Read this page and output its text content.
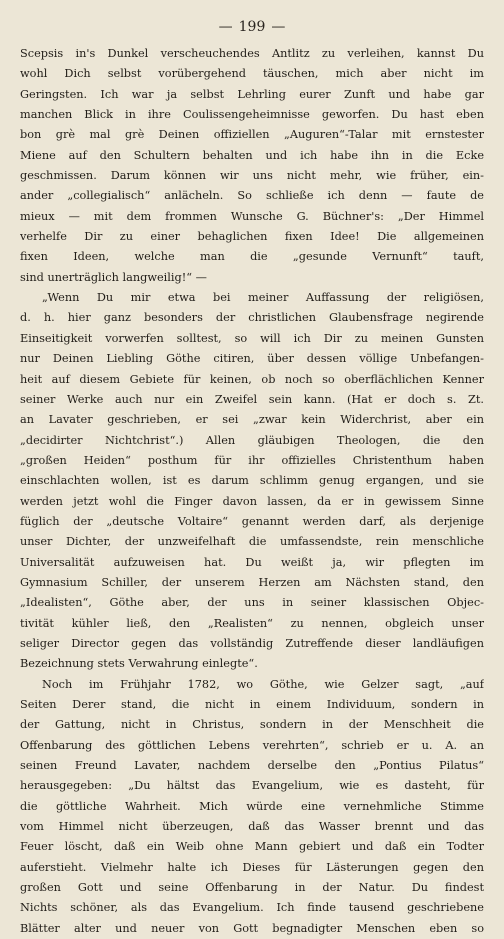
— 199 —
Scepsis in's Dunkel verscheuchendes Antlitz zu verleihen, kannst Du
wohl Dich selbst vorübergehend täuschen, mich aber nicht im
Geringsten. Ich war ja selbst Lehrling eurer Zunft und habe gar
manchen Blick in ihre Coulissengeheimnisse geworfen. Du hast eben
bon grè mal grè Deinen offiziellen „Auguren“-Talar mit ernstester
Miene auf den Schultern behalten und ich habe ihn in die Ecke
geschmissen. Darum können wir uns nicht mehr, wie früher, ein-
ander „collegialisch“ anlächeln. So schließe ich denn — faute de
mieux — mit dem frommen Wunsche G. Büchner's: „Der Himmel
verhelfe Dir zu einer behaglichen fixen Idee! Die allgemeinen
fixen Ideen, welche man die „gesunde Vernunft“ tauft,
sind unerträglich langweilig!“ —
„Wenn Du mir etwa bei meiner Auffassung der religiösen,
d. h. hier ganz besonders der christlichen Glaubensfrage negirende
Einseitigkeit vorwerfen solltest, so will ich Dir zu meinen Gunsten
nur Deinen Liebling Göthe citiren, über dessen völlige Unbefangen-
heit auf diesem Gebiete für keinen, ob noch so oberflächlichen Kenner
seiner Werke auch nur ein Zweifel sein kann. (Hat er doch s. Zt.
an Lavater geschrieben, er sei „zwar kein Widerchrist, aber ein
„decidirter Nichtchrist“.) Allen gläubigen Theologen, die den
„großen Heiden“ posthum für ihr offizielles Christenthum haben
einschlachten wollen, ist es darum schlimm genug ergangen, und sie
werden jetzt wohl die Finger davon lassen, da er in gewissem Sinne
füglich der „deutsche Voltaire“ genannt werden darf, als derjenige
unser Dichter, der unzweifelhaft die umfassendste, rein menschliche
Universalität aufzuweisen hat. Du weißt ja, wir pflegten im
Gymnasium Schiller, der unserem Herzen am Nächsten stand, den
„Idealisten“, Göthe aber, der uns in seiner klassischen Objec-
tivität kühler ließ, den „Realisten“ zu nennen, obgleich unser
seliger Director gegen das vollständig Zutreffende dieser landläufigen
Bezeichnung stets Verwahrung einlegte“.
Noch im Frühjahr 1782, wo Göthe, wie Gelzer sagt, „auf
Seiten Derer stand, die nicht in einem Individuum, sondern in
der Gattung, nicht in Christus, sondern in der Menschheit die
Offenbarung des göttlichen Lebens verehrten“, schrieb er u. A. an
seinen Freund Lavater, nachdem derselbe den „Pontius Pilatus“
herausgegeben: „Du hältst das Evangelium, wie es dasteht, für
die göttliche Wahrheit. Mich würde eine vernehmliche Stimme
vom Himmel nicht überzeugen, daß das Wasser brennt und das
Feuer löscht, daß ein Weib ohne Mann gebiert und daß ein Todter
auferstieht. Vielmehr halte ich Dieses für Lästerungen gegen den
großen Gott und seine Offenbarung in der Natur. Du findest
Nichts schöner, als das Evangelium. Ich finde tausend geschriebene
Blätter alter und neuer von Gott begnadigter Menschen eben so
